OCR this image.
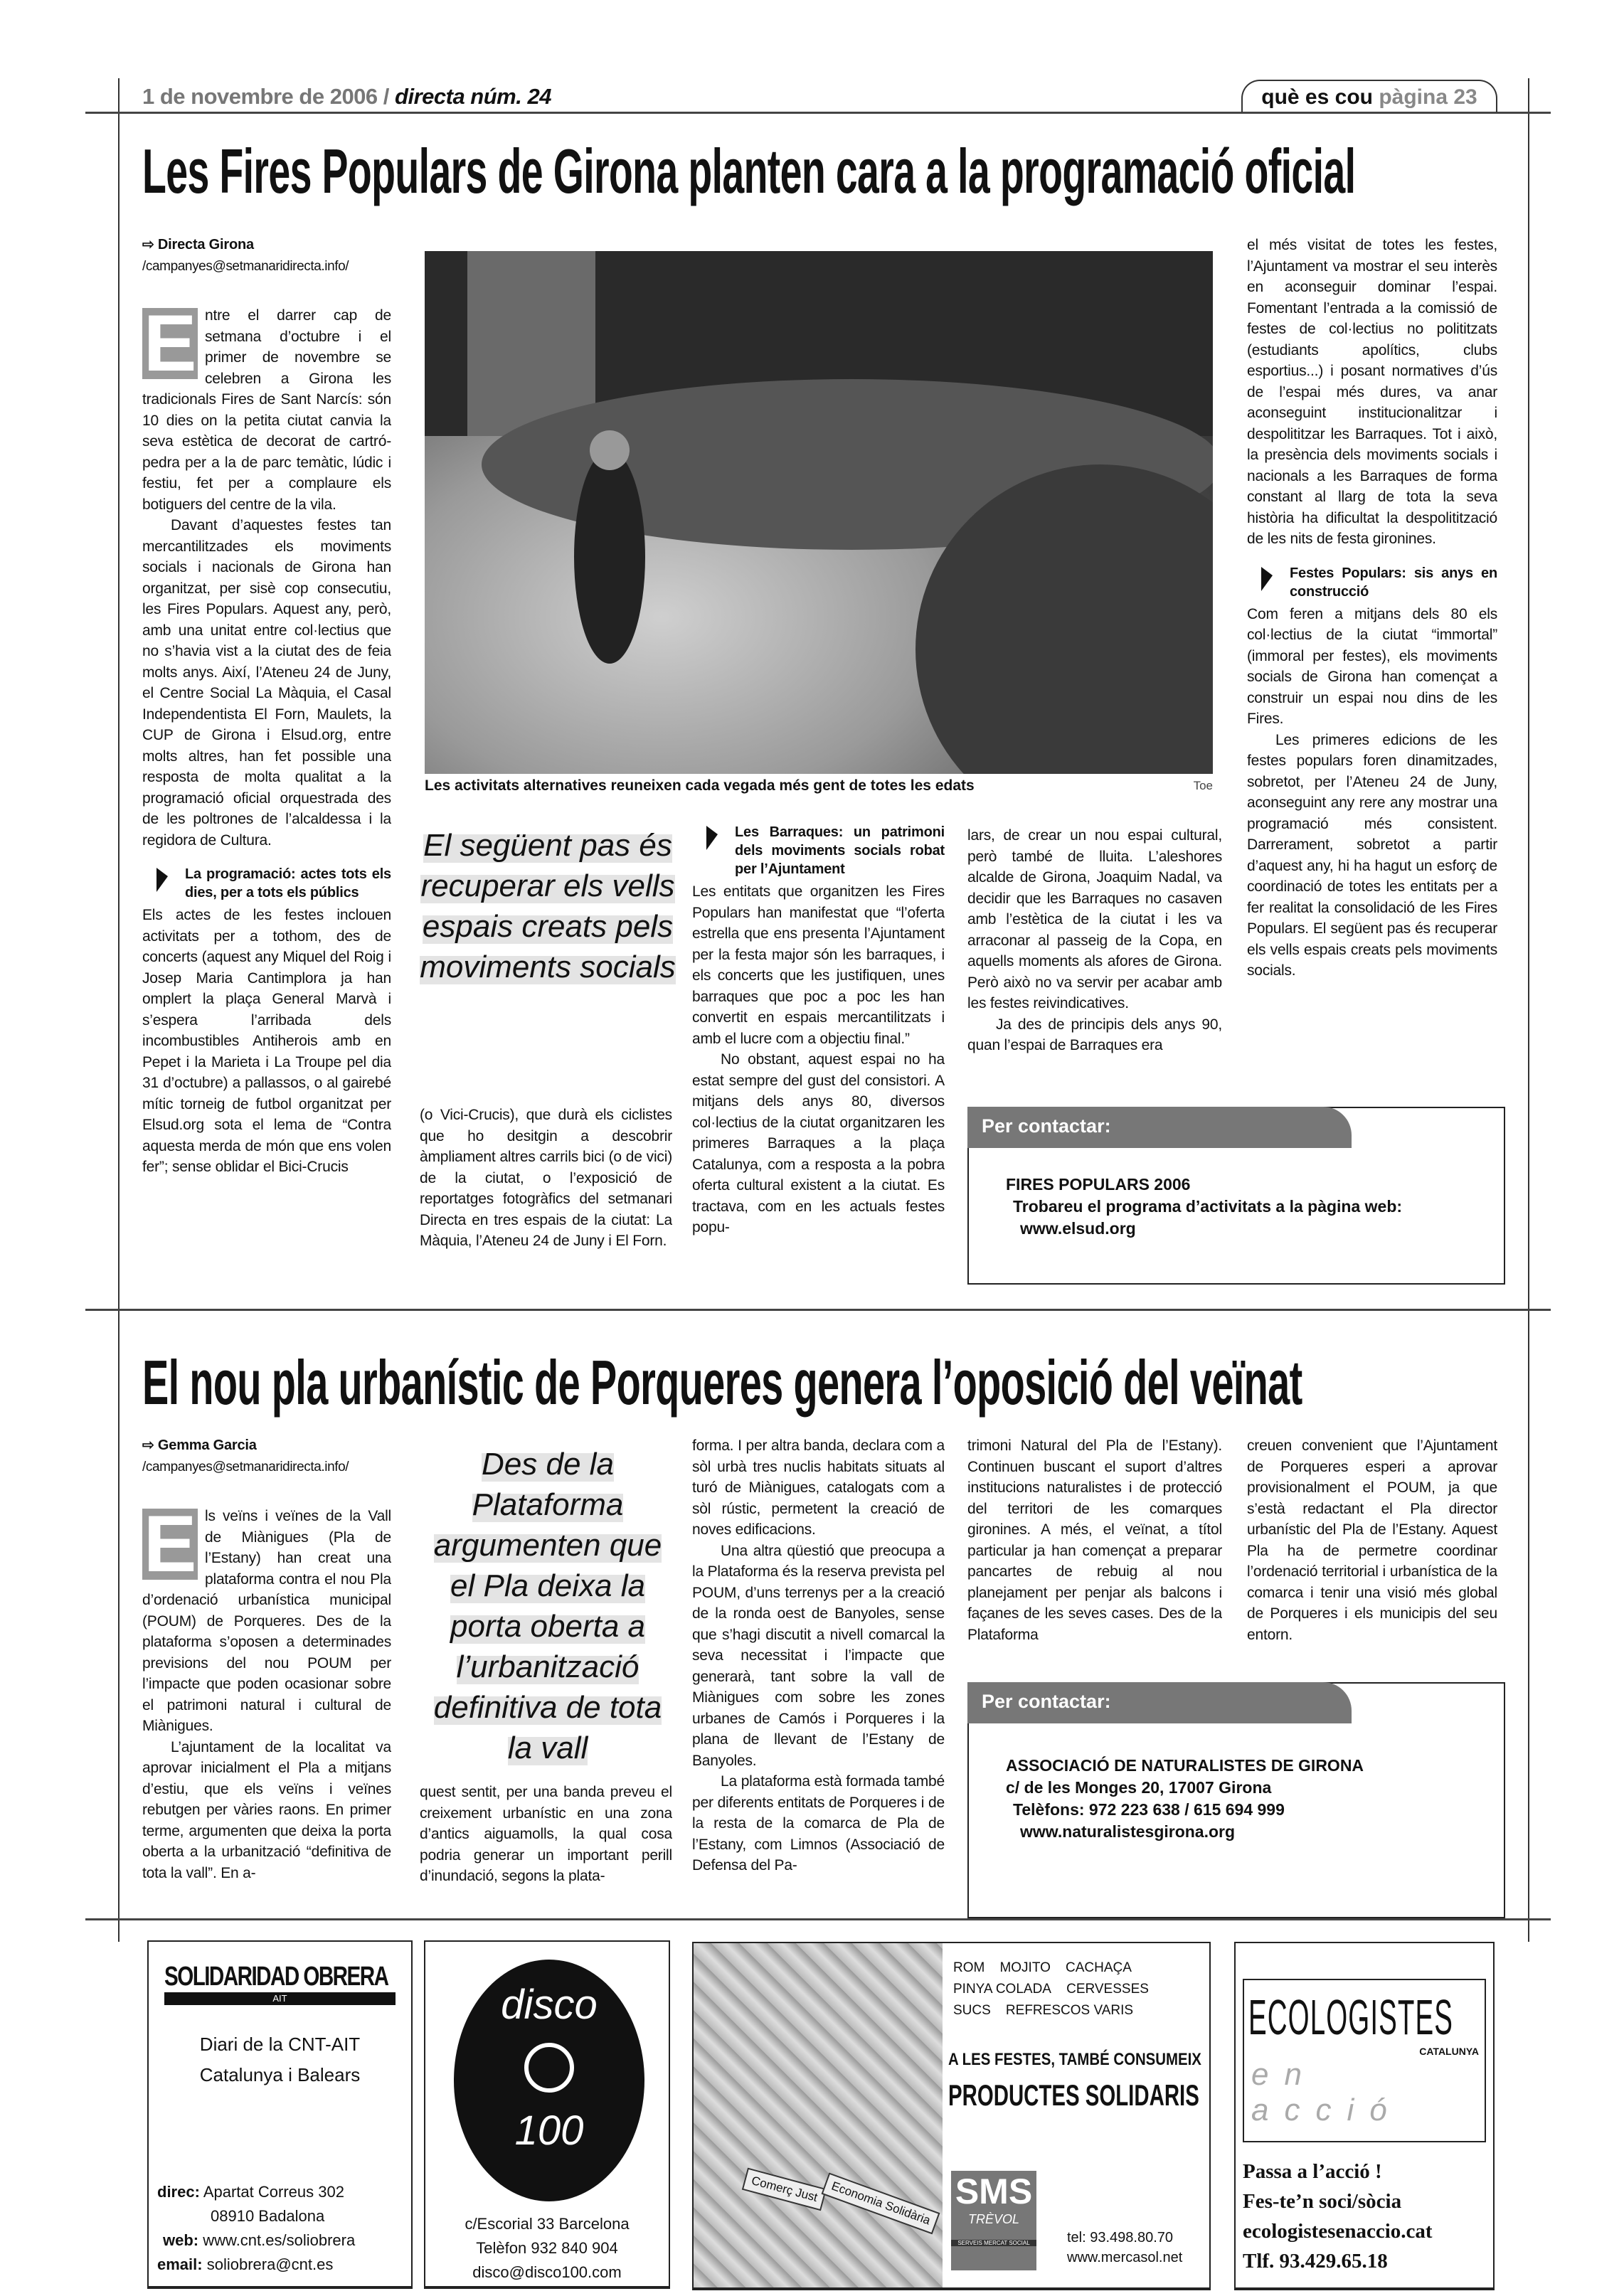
1 de novembre de 2006 / directa núm. 24	què es cou pàgina 23
Les Fires Populars de Girona planten cara a la programació oficial
⇨ Directa Girona
/campanyes@setmanaridirecta.info/
E ntre el darrer cap de setmana d’octubre i el primer de novembre se celebren a Girona les tradicionals Fires de Sant Narcís: són 10 dies on la petita ciutat canvia la seva estètica de decorat de cartró-pedra per a la de parc temàtic, lúdic i festiu, fet per a complaure els botiguers del centre de la vila.

Davant d’aquestes festes tan mercantilitzades els moviments socials i nacionals de Girona han organitzat, per sisè cop consecutiu, les Fires Populars. Aquest any, però, amb una unitat entre col·lectius que no s’havia vist a la ciutat des de feia molts anys. Així, l’Ateneu 24 de Juny, el Centre Social La Màquia, el Casal Independentista El Forn, Maulets, la CUP de Girona i Elsud.org, entre molts altres, han fet possible una resposta de molta qualitat a la programació oficial orquestrada des de les poltrones de l’alcaldessa i la regidora de Cultura.

La programació: actes tots els dies, per a tots els públics

Els actes de les festes inclouen activitats per a tothom, des de concerts (aquest any Miquel del Roig i Josep Maria Cantimplora ja han omplert la plaça General Marvà i s’espera l’arribada dels incombustibles Antiherois amb en Pepet i la Marieta i La Troupe pel dia 31 d’octubre) a pallassos, o al gairebé mític torneig de futbol organitzat per Elsud.org sota el lema de “Contra aquesta merda de món que ens volen fer”; sense oblidar el Bici-Crucis

Les activitats alternatives reuneixen cada vegada més gent de totes les edats	Toe
El següent pas és recuperar els vells espais creats pels moviments socials

(o Vici-Crucis), que durà els ciclistes que ho desitgin a descobrir àmpliament altres carrils bici (o de vici) de la ciutat, o l’exposició de reportatges fotogràfics del setmanari Directa en tres espais de la ciutat: La Màquia, l’Ateneu 24 de Juny i El Forn.

Les Barraques: un patrimoni dels moviments socials robat per l’Ajuntament

Les entitats que organitzen les Fires Populars han manifestat que “l’oferta estrella que ens presenta l’Ajuntament per la festa major són les barraques, i els concerts que les justifiquen, unes barraques que poc a poc les han convertit en espais mercantilitzats i amb el lucre com a objectiu final.”

No obstant, aquest espai no ha estat sempre del gust del consistori. A mitjans dels anys 80, diversos col·lectius de la ciutat organitzaren les primeres Barraques a la plaça Catalunya, com a resposta a la pobra oferta cultural existent a la ciutat. Es tractava, com en les actuals festes popu-

lars, de crear un nou espai cultural, però també de lluita. L’aleshores alcalde de Girona, Joaquim Nadal, va decidir que les Barraques no casaven amb l’estètica de la ciutat i les va arraconar al passeig de la Copa, en aquells moments als afores de Girona. Però això no va servir per acabar amb les festes reivindicatives.

Ja des de principis dels anys 90, quan l’espai de Barraques era

el més visitat de totes les festes, l’Ajuntament va mostrar el seu interès en aconseguir dominar l’espai. Fomentant l’entrada a la comissió de festes de col·lectius no polititzats (estudiants apolítics, clubs esportius...) i posant normatives d’ús de l’espai més dures, va anar aconseguint institucionalitzar i despolititzar les Barraques. Tot i això, la presència dels moviments socials i nacionals a les Barraques de forma constant al llarg de tota la seva història ha dificultat la despolitització de les nits de festa gironines.

Festes Populars: sis anys en construcció

Com feren a mitjans dels 80 els col·lectius de la ciutat “immortal” (immoral per festes), els moviments socials de Girona han començat a construir un espai nou dins de les Fires.

Les primeres edicions de les festes populars foren dinamitzades, sobretot, per l’Ateneu 24 de Juny, aconseguint any rere any mostrar una programació més consistent. Darrerament, sobretot a partir d’aquest any, hi ha hagut un esforç de coordinació de totes les entitats per a fer realitat la consolidació de les Fires Populars. El següent pas és recuperar els vells espais creats pels moviments socials.

Per contactar:
FIRES POPULARS 2006
Trobareu el programa d’activitats a la pàgina web:
www.elsud.org
El nou pla urbanístic de Porqueres genera l’oposició del veïnat
⇨ Gemma Garcia
/campanyes@setmanaridirecta.info/
E ls veïns i veïnes de la Vall de Miànigues (Pla de l’Estany) han creat una plataforma contra el nou Pla d’ordenació urbanística municipal (POUM) de Porqueres. Des de la plataforma s’oposen a determinades previsions del nou POUM per l’impacte que poden ocasionar sobre el patrimoni natural i cultural de Miànigues.

L’ajuntament de la localitat va aprovar inicialment el Pla a mitjans d’estiu, que els veïns i veïnes rebutgen per vàries raons. En primer terme, argumenten que deixa la porta oberta a la urbanització “definitiva de tota la vall”. En a-

Des de la Plataforma argumenten que el Pla deixa la porta oberta a l’urbanització definitiva de tota la vall

quest sentit, per una banda preveu el creixement urbanístic en una zona d’antics aiguamolls, la qual cosa podria generar un important perill d’inundació, segons la plata-

forma. I per altra banda, declara com a sòl urbà tres nuclis habitats situats al turó de Miànigues, catalogats com a sòl rústic, permetent la creació de noves edificacions.

Una altra qüestió que preocupa a la Plataforma és la reserva prevista pel POUM, d’uns terrenys per a la creació de la ronda oest de Banyoles, sense que s’hagi discutit a nivell comarcal la seva necessitat i l’impacte que generarà, tant sobre la vall de Miànigues com sobre les zones urbanes de Camós i Porqueres i la plana de llevant de l’Estany de Banyoles.

La plataforma està formada també per diferents entitats de Porqueres i de la resta de la comarca de Pla de l’Estany, com Limnos (Associació de Defensa del Pa-

trimoni Natural del Pla de l’Estany). Continuen buscant el suport d’altres institucions naturalistes i de protecció del territori de les comarques gironines. A més, el veïnat, a títol particular ja han començat a preparar pancartes de rebuig al nou planejament per penjar als balcons i façanes de les seves cases. Des de la Plataforma

creuen convenient que l’Ajuntament de Porqueres esperi a aprovar provisionalment el POUM, ja que s’està redactant el Pla director urbanístic del Pla de l’Estany. Aquest Pla ha de permetre coordinar l’ordenació territorial i urbanística de la comarca i tenir una visió més global de Porqueres i els municipis del seu entorn.

Per contactar:
ASSOCIACIÓ DE NATURALISTES DE GIRONA
c/ de les Monges 20, 17007 Girona
Telèfons: 972 223 638 / 615 694 999
www.naturalistesgirona.org
SOLIDARIDAD OBRERA
AIT
Diari de la CNT-AIT
Catalunya i Balears
direc: Apartat Correus 302
08910 Badalona
web: www.cnt.es/soliobrera
email: soliobrera@cnt.es
disco
100
c/Escorial 33 Barcelona
Telèfon 932 840 904
disco@disco100.com
Comerç Just Economia Solidària
ROM MOJITO CACHAÇA
PINYA COLADA CERVESSES
SUCS REFRESCOS VARIS
A LES FESTES, TAMBÉ CONSUMEIX
PRODUCTES SOLIDARIS
SMS
TRÈVOL
SERVEIS MERCAT SOCIAL	tel: 93.498.80.70
www.mercasol.net
ECOLOGISTES
CATALUNYA
en acció
Passa a l’acció !
Fes-te’n soci/sòcia
ecologistesenaccio.cat
Tlf. 93.429.65.18
